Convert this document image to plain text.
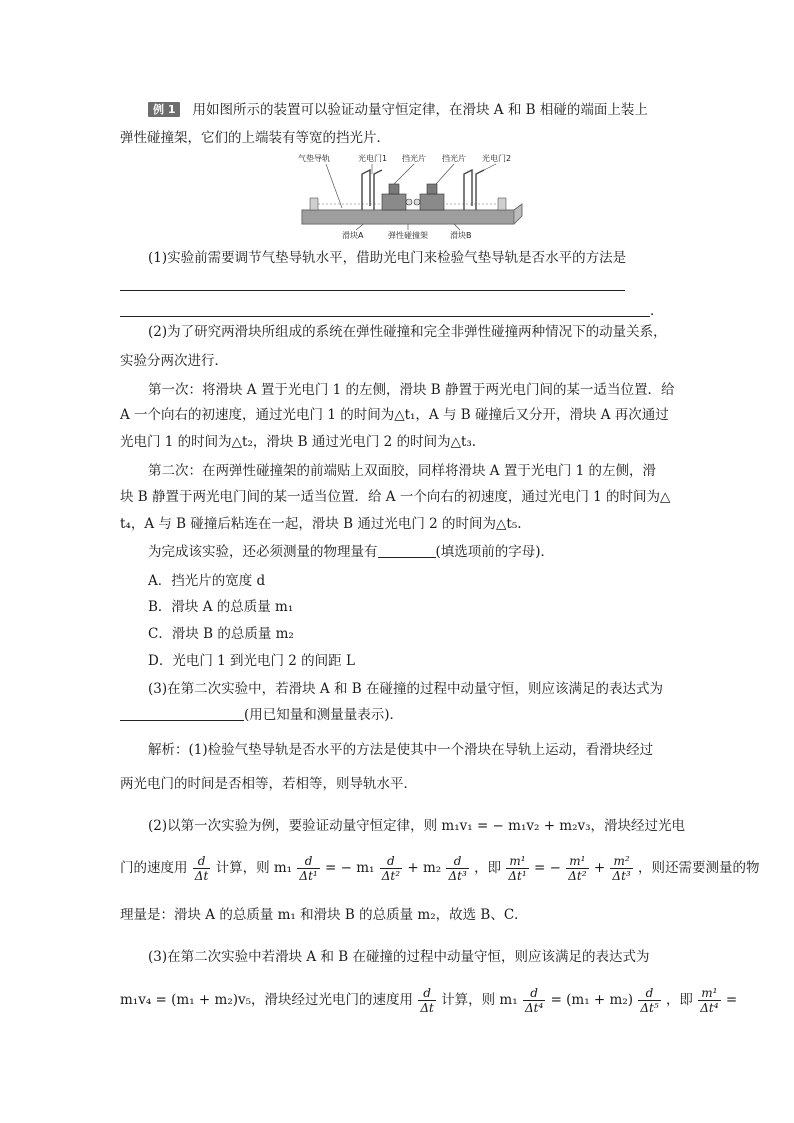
例 1 用如图所示的装置可以验证动量守恒定律，在滑块 A 和 B 相碰的端面上装上
弹性碰撞架，它们的上端装有等宽的挡光片．
气垫导轨	光电门1 挡光片 挡光片 光电门2
滑块A	弹性碰撞架	滑块B
(1)实验前需要调节气垫导轨水平，借助光电门来检验气垫导轨是否水平的方法是
．
(2)为了研究两滑块所组成的系统在弹性碰撞和完全非弹性碰撞两种情况下的动量关系，
实验分两次进行．
第一次：将滑块 A 置于光电门 1 的左侧，滑块 B 静置于两光电门间的某一适当位置．给
A 一个向右的初速度，通过光电门 1 的时间为△t₁，A 与 B 碰撞后又分开，滑块 A 再次通过
光电门 1 的时间为△t₂，滑块 B 通过光电门 2 的时间为△t₃.
第二次：在两弹性碰撞架的前端贴上双面胶，同样将滑块 A 置于光电门 1 的左侧，滑
块 B 静置于两光电门间的某一适当位置．给 A 一个向右的初速度，通过光电门 1 的时间为△
t₄，A 与 B 碰撞后粘连在一起，滑块 B 通过光电门 2 的时间为△t₅.
为完成该实验，还必须测量的物理量有	(填选项前的字母)．
A．挡光片的宽度 d
B．滑块 A 的总质量 m₁
C．滑块 B 的总质量 m₂
D．光电门 1 到光电门 2 的间距 L
(3)在第二次实验中，若滑块 A 和 B 在碰撞的过程中动量守恒，则应该满足的表达式为
(用已知量和测量量表示)．
解析：(1)检验气垫导轨是否水平的方法是使其中一个滑块在导轨上运动，看滑块经过
两光电门的时间是否相等，若相等，则导轨水平．
(2)以第一次实验为例，要验证动量守恒定律，则 m₁v₁ = − m₁v₂ + m₂v₃，滑块经过光电
门的速度用 $\frac{d}{\Delta t}$ 计算，则 $m_1 \frac{d}{\text{Δt¹}}$ = − $m_1 \frac{d}{\text{Δt²}} + m_2 \frac{d}{\text{Δt³}}$ ，即 $\frac{\text{m¹}}{\text{Δt¹}}$ = − $\frac{\text{m¹}}{\text{Δt²}} + \frac{\text{m²}}{\text{Δt³}}$ ，则还需要测量的物
理量是：滑块 A 的总质量 m₁ 和滑块 B 的总质量 m₂，故选 B、C．
(3)在第二次实验中若滑块 A 和 B 在碰撞的过程中动量守恒，则应该满足的表达式为
m₁v₄ = (m₁ + m₂)v₅，滑块经过光电门的速度用 $\frac{d}{\Delta t}$ 计算，则 $m_1 \frac{d}{\text{Δt⁴}} = (m_1 + m_2) \frac{d}{\text{Δt⁵}}$ ，即 $\frac{\text{m¹}}{\text{Δt⁴}}$ =
